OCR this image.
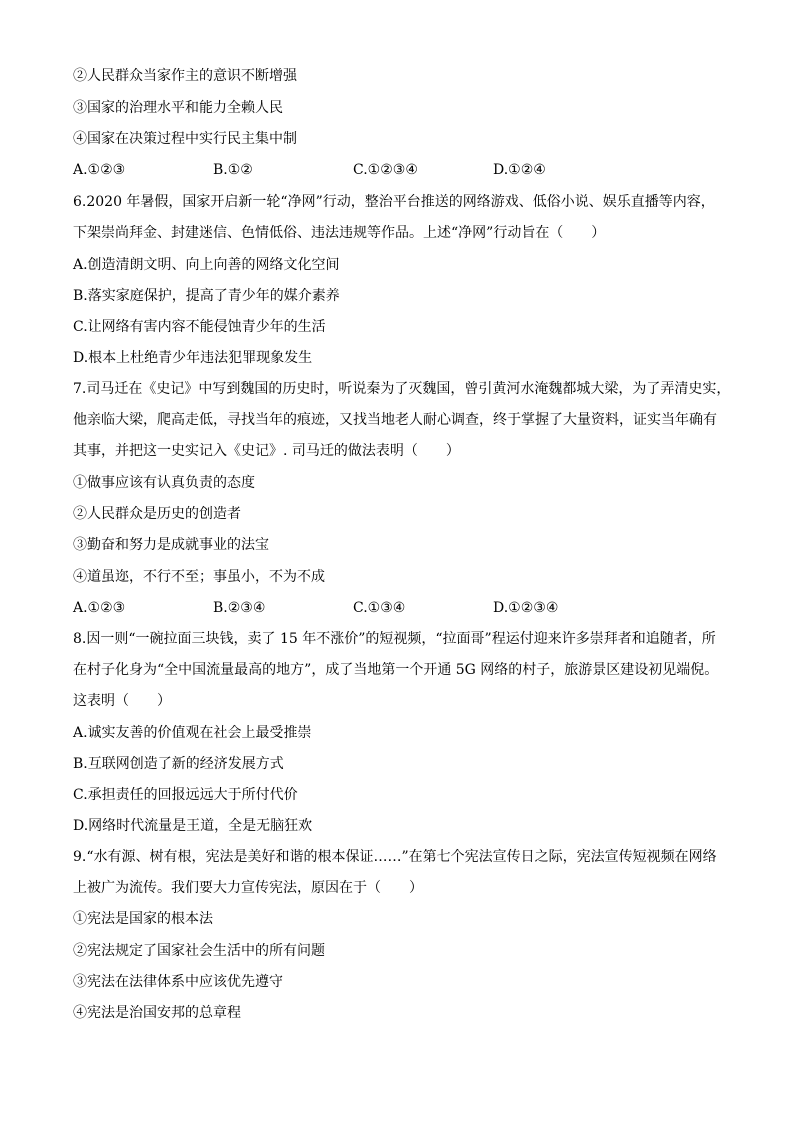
②人民群众当家作主的意识不断增强
③国家的治理水平和能力全赖人民
④国家在决策过程中实行民主集中制
A.①②③	B.①②	C.①②③④	D.①②④
6.2020 年暑假，国家开启新一轮“净网”行动，整治平台推送的网络游戏、低俗小说、娱乐直播等内容，
下架崇尚拜金、封建迷信、色情低俗、违法违规等作品。上述“净网”行动旨在（　　）
A.创造清朗文明、向上向善的网络文化空间
B.落实家庭保护，提高了青少年的媒介素养
C.让网络有害内容不能侵蚀青少年的生活
D.根本上杜绝青少年违法犯罪现象发生
7.司马迁在《史记》中写到魏国的历史时，听说秦为了灭魏国，曾引黄河水淹魏都城大梁，为了弄清史实，
他亲临大梁，爬高走低，寻找当年的痕迹，又找当地老人耐心调查，终于掌握了大量资料，证实当年确有
其事，并把这一史实记入《史记》. 司马迁的做法表明（　　）
①做事应该有认真负责的态度
②人民群众是历史的创造者
③勤奋和努力是成就事业的法宝
④道虽迩，不行不至；事虽小，不为不成
A.①②③	B.②③④	C.①③④	D.①②③④
8.因一则“一碗拉面三块钱，卖了 15 年不涨价”的短视频，“拉面哥”程运付迎来许多崇拜者和追随者，所
在村子化身为“全中国流量最高的地方”，成了当地第一个开通 5G 网络的村子，旅游景区建设初见端倪。
这表明（　　）
A.诚实友善的价值观在社会上最受推崇
B.互联网创造了新的经济发展方式
C.承担责任的回报远远大于所付代价
D.网络时代流量是王道，全是无脑狂欢
9.“水有源、树有根，宪法是美好和谐的根本保证……”在第七个宪法宣传日之际，宪法宣传短视频在网络
上被广为流传。我们要大力宣传宪法，原因在于（　　）
①宪法是国家的根本法
②宪法规定了国家社会生活中的所有问题
③宪法在法律体系中应该优先遵守
④宪法是治国安邦的总章程
